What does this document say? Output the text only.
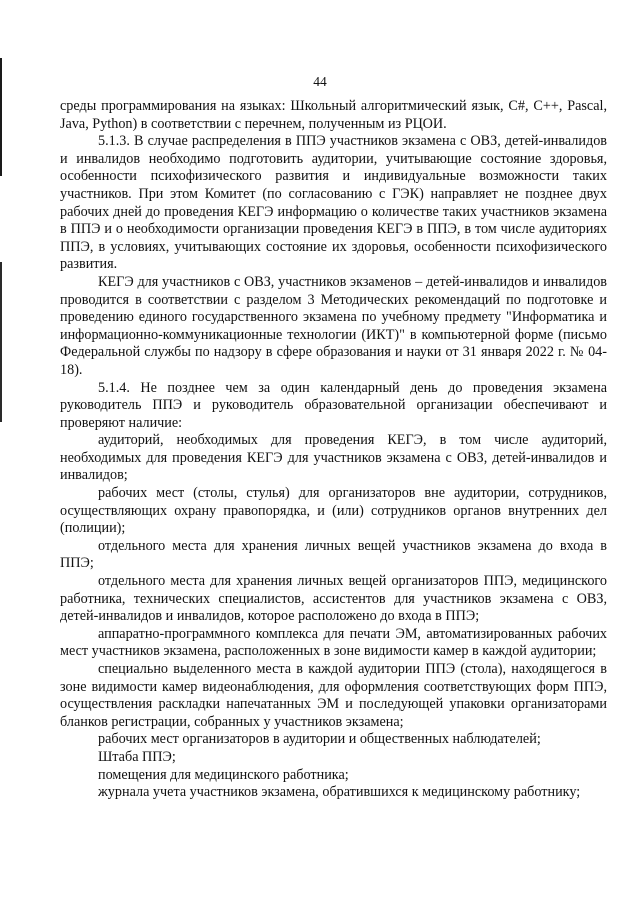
44

среды программирования на языках: Школьный алгоритмический язык, C#, C++, Pascal, Java, Python) в соответствии с перечнем, полученным из РЦОИ.

5.1.3. В случае распределения в ППЭ участников экзамена с ОВЗ, детей-инвалидов и инвалидов необходимо подготовить аудитории, учитывающие состояние здоровья, особенности психофизического развития и индивидуальные возможности таких участников. При этом Комитет (по согласованию с ГЭК) направляет не позднее двух рабочих дней до проведения КЕГЭ информацию о количестве таких участников экзамена в ППЭ и о необходимости организации проведения КЕГЭ в ППЭ, в том числе аудиториях ППЭ, в условиях, учитывающих состояние их здоровья, особенности психофизического развития.

КЕГЭ для участников с ОВЗ, участников экзаменов – детей-инвалидов и инвалидов проводится в соответствии с разделом 3 Методических рекомендаций по подготовке и проведению единого государственного экзамена по учебному предмету "Информатика и информационно-коммуникационные технологии (ИКТ)" в компьютерной форме (письмо Федеральной службы по надзору в сфере образования и науки от 31 января 2022 г. № 04-18).

5.1.4. Не позднее чем за один календарный день до проведения экзамена руководитель ППЭ и руководитель образовательной организации обеспечивают и проверяют наличие:

аудиторий, необходимых для проведения КЕГЭ, в том числе аудиторий, необходимых для проведения КЕГЭ для участников экзамена с ОВЗ, детей-инвалидов и инвалидов;

рабочих мест (столы, стулья) для организаторов вне аудитории, сотрудников, осуществляющих охрану правопорядка, и (или) сотрудников органов внутренних дел (полиции);

отдельного места для хранения личных вещей участников экзамена до входа в ППЭ;

отдельного места для хранения личных вещей организаторов ППЭ, медицинского работника, технических специалистов, ассистентов для участников экзамена с ОВЗ, детей-инвалидов и инвалидов, которое расположено до входа в ППЭ;

аппаратно-программного комплекса для печати ЭМ, автоматизированных рабочих мест участников экзамена, расположенных в зоне видимости камер в каждой аудитории;

специально выделенного места в каждой аудитории ППЭ (стола), находящегося в зоне видимости камер видеонаблюдения, для оформления соответствующих форм ППЭ, осуществления раскладки напечатанных ЭМ и последующей упаковки организаторами бланков регистрации, собранных у участников экзамена;

рабочих мест организаторов в аудитории и общественных наблюдателей;

Штаба ППЭ;

помещения для медицинского работника;

журнала учета участников экзамена, обратившихся к медицинскому работнику;
